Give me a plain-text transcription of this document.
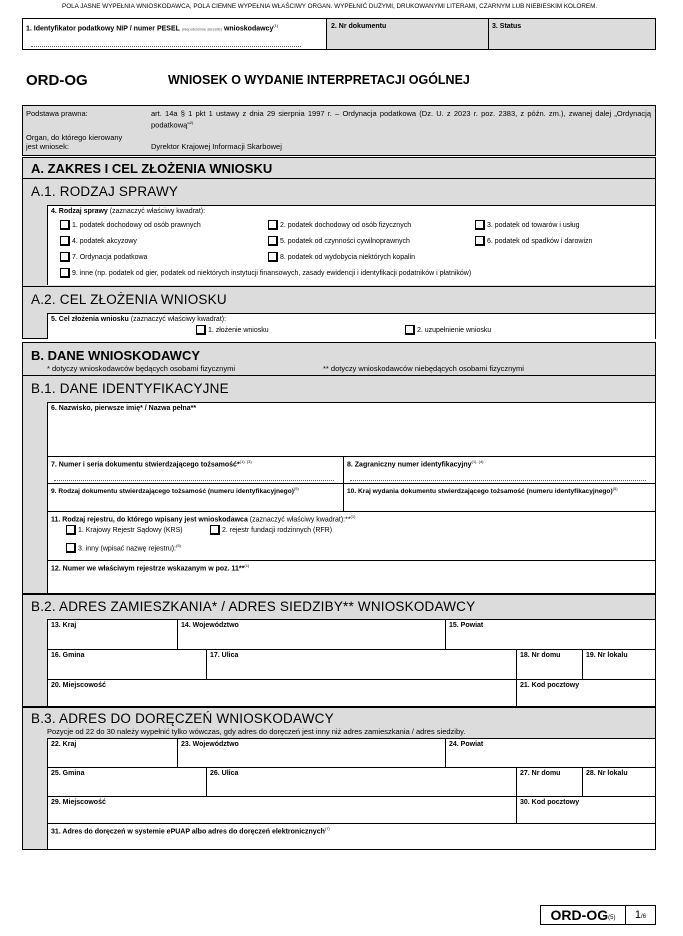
POLA JASNE WYPEŁNIA WNIOSKODAWCA, POLA CIEMNE WYPEŁNIA WŁAŚCIWY ORGAN. WYPEŁNIĆ DUŻYMI, DRUKOWANYMI LITERAMI, CZARNYM LUB NIEBIESKIM KOLOREM.
1. Identyfikator podatkowy NIP / numer PESEL (niepotrzebne skreślić) wnioskodawcy$^{(1)}$	2. Nr dokumentu	3. Status
ORD-OG	WNIOSEK O WYDANIE INTERPRETACJI OGÓLNEJ
Podstawa prawna:	art. 14a § 1 pkt 1 ustawy z dnia 29 sierpnia 1997 r. – Ordynacja podatkowa (Dz. U. z 2023 r. poz. 2383, z późn. zm.), zwanej dalej „Ordynacją podatkową”$^{2)}$
Organ, do którego kierowany jest wniosek:	Dyrektor Krajowej Informacji Skarbowej
A. ZAKRES I CEL ZŁOŻENIA WNIOSKU
A.1. RODZAJ SPRAWY
4. Rodzaj sprawy (zaznaczyć właściwy kwadrat):
1. podatek dochodowy od osób prawnych	2. podatek dochodowy od osób fizycznych	3. podatek od towarów i usług
4. podatek akcyzowy	5. podatek od czynności cywilnoprawnych	6. podatek od spadków i darowizn
7. Ordynacja podatkowa	8. podatek od wydobycia niektórych kopalin
9. inne (np. podatek od gier, podatek od niektórych instytucji finansowych, zasady ewidencji i identyfikacji podatników i płatników)
A.2. CEL ZŁOŻENIA WNIOSKU
5. Cel złożenia wniosku (zaznaczyć właściwy kwadrat):
1. złożenie wniosku	2. uzupełnienie wniosku
B. DANE WNIOSKODAWCY
* dotyczy wnioskodawców będących osobami fizycznymi	** dotyczy wnioskodawców niebędących osobami fizycznymi
B.1. DANE IDENTYFIKACYJNE
6. Nazwisko, pierwsze imię* / Nazwa pełna**
7. Numer i seria dokumentu stwierdzającego tożsamość*$^{(1), (3)}$	8. Zagraniczny numer identyfikacyjny$^{(1), (4)}$
9. Rodzaj dokumentu stwierdzającego tożsamość (numeru identyfikacyjnego)$^{(5)}$	10. Kraj wydania dokumentu stwierdzającego tożsamość (numeru identyfikacyjnego)$^{(5)}$
11. Rodzaj rejestru, do którego wpisany jest wnioskodawca (zaznaczyć właściwy kwadrat):**$^{(1)}$
1. Krajowy Rejestr Sądowy (KRS)	2. rejestr fundacji rodzinnych (RFR)
3. inny (wpisać nazwę rejestru):$^{(6)}$
12. Numer we właściwym rejestrze wskazanym w poz. 11**$^{(1)}$
B.2. ADRES ZAMIESZKANIA* / ADRES SIEDZIBY** WNIOSKODAWCY
13. Kraj	14. Województwo	15. Powiat
16. Gmina	17. Ulica	18. Nr domu	19. Nr lokalu
20. Miejscowość	21. Kod pocztowy
B.3. ADRES DO DORĘCZEŃ WNIOSKODAWCY
Pozycje od 22 do 30 należy wypełnić tylko wówczas, gdy adres do doręczeń jest inny niż adres zamieszkania / adres siedziby.
22. Kraj	23. Województwo	24. Powiat
25. Gmina	26. Ulica	27. Nr domu	28. Nr lokalu
29. Miejscowość	30. Kod pocztowy
31. Adres do doręczeń w systemie ePUAP albo adres do doręczeń elektronicznych$^{(7)}$
ORD-OG (5) 1 /6
